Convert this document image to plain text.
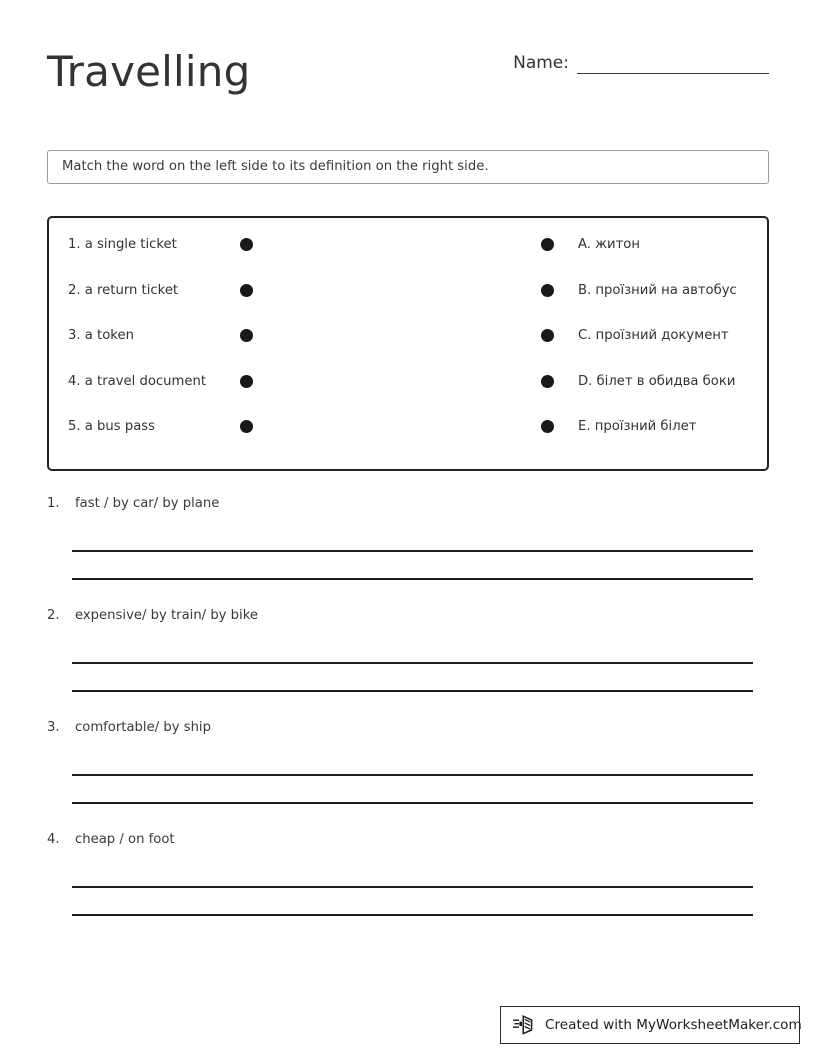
Travelling	Name:
Match the word on the left side to its definition on the right side.
1. a single ticket	A. житон
2. a return ticket	B. проїзний на автобус
3. a token	C. проїзний документ
4. a travel document	D. білет в обидва боки
5. a bus pass	E. проїзний білет
1.	fast / by car/ by plane
2.	expensive/ by train/ by bike
3.	comfortable/ by ship
4.	cheap / on foot
Created with MyWorksheetMaker.com
